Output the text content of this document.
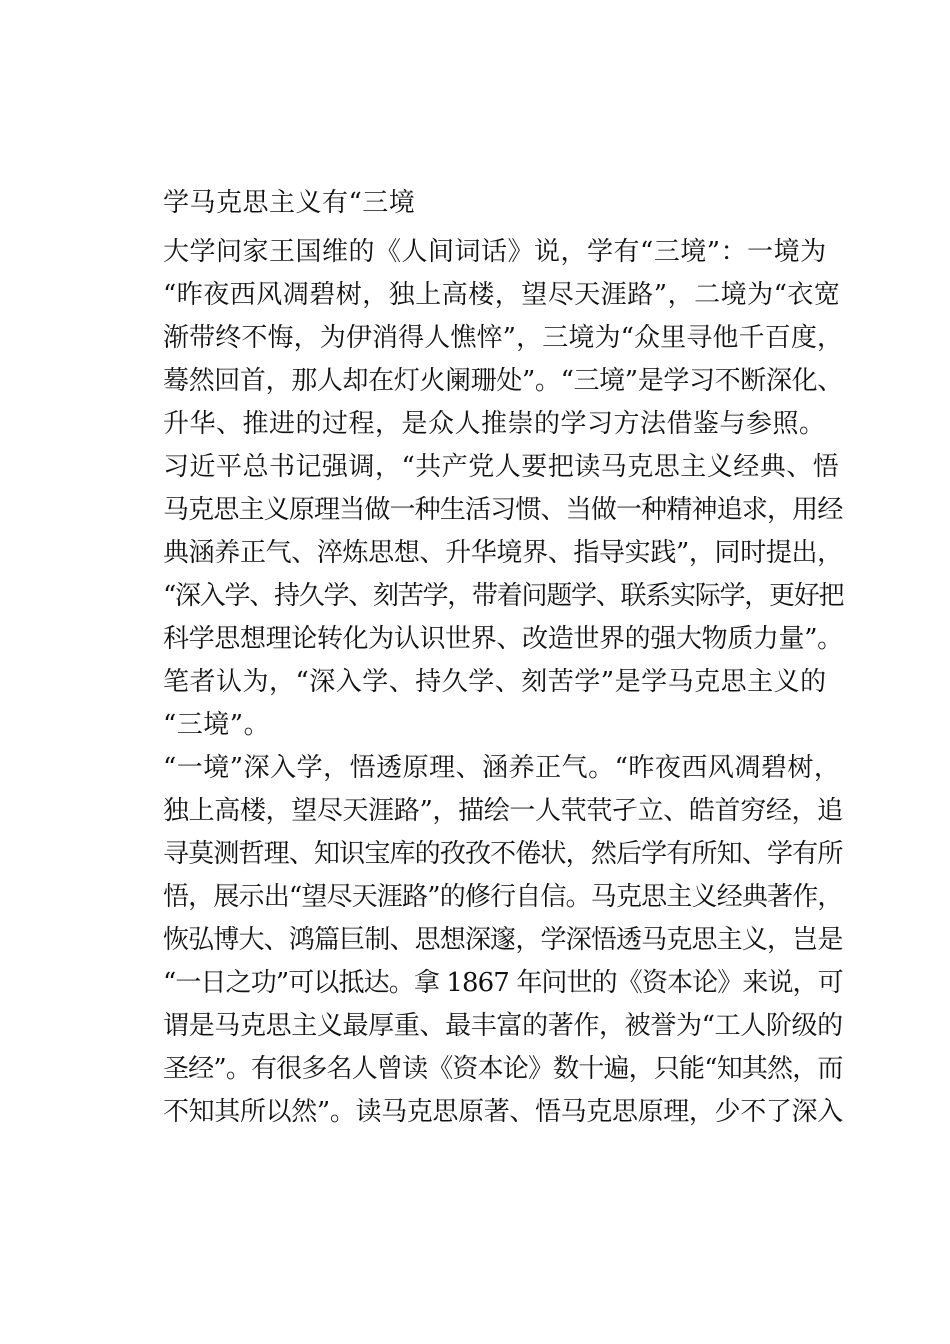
学马克思主义有“三境
大学问家王国维的《人间词话》说，学有“三境”：一境为
“昨夜西风凋碧树，独上高楼，望尽天涯路”，二境为“衣宽
渐带终不悔，为伊消得人憔悴”，三境为“众里寻他千百度，
蓦然回首，那人却在灯火阑珊处”。“三境”是学习不断深化、
升华、推进的过程，是众人推崇的学习方法借鉴与参照。
习近平总书记强调，“共产党人要把读马克思主义经典、悟
马克思主义原理当做一种生活习惯、当做一种精神追求，用经
典涵养正气、淬炼思想、升华境界、指导实践”，同时提出，
“深入学、持久学、刻苦学，带着问题学、联系实际学，更好把
科学思想理论转化为认识世界、改造世界的强大物质力量”。
笔者认为，“深入学、持久学、刻苦学”是学马克思主义的
“三境”。
“一境”深入学，悟透原理、涵养正气。“昨夜西风凋碧树，
独上高楼，望尽天涯路”，描绘一人茕茕孑立、皓首穷经，追
寻莫测哲理、知识宝库的孜孜不倦状，然后学有所知、学有所
悟，展示出“望尽天涯路”的修行自信。马克思主义经典著作，
恢弘博大、鸿篇巨制、思想深邃，学深悟透马克思主义，岂是
“一日之功”可以抵达。拿 1867 年问世的《资本论》来说，可
谓是马克思主义最厚重、最丰富的著作，被誉为“工人阶级的
圣经”。有很多名人曾读《资本论》数十遍，只能“知其然，而
不知其所以然”。读马克思原著、悟马克思原理，少不了深入
